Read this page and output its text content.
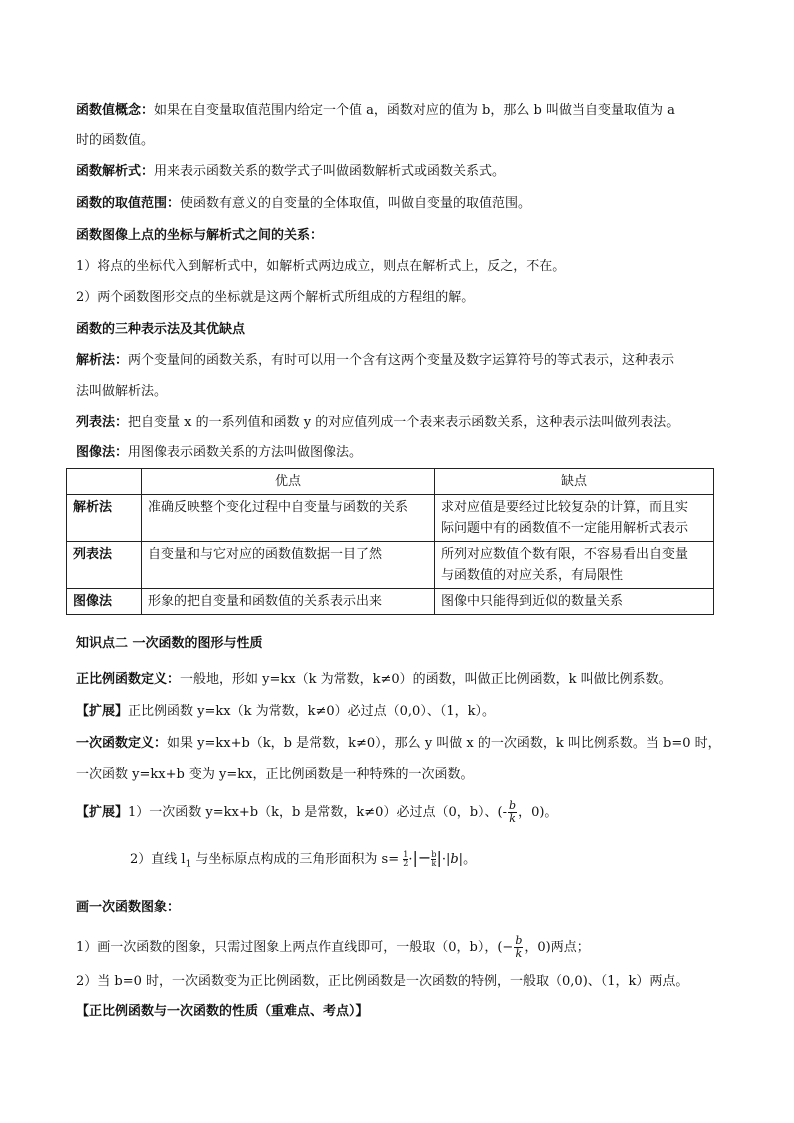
函数值概念：如果在自变量取值范围内给定一个值 a，函数对应的值为 b，那么 b 叫做当自变量取值为 a
时的函数值。
函数解析式：用来表示函数关系的数学式子叫做函数解析式或函数关系式。
函数的取值范围：使函数有意义的自变量的全体取值，叫做自变量的取值范围。
函数图像上点的坐标与解析式之间的关系：
1）将点的坐标代入到解析式中，如解析式两边成立，则点在解析式上，反之，不在。
2）两个函数图形交点的坐标就是这两个解析式所组成的方程组的解。
函数的三种表示法及其优缺点
解析法：两个变量间的函数关系，有时可以用一个含有这两个变量及数字运算符号的等式表示，这种表示
法叫做解析法。
列表法：把自变量 x 的一系列值和函数 y 的对应值列成一个表来表示函数关系，这种表示法叫做列表法。
图像法：用图像表示函数关系的方法叫做图像法。
	优点	缺点
解析法	准确反映整个变化过程中自变量与函数的关系	求对应值是要经过比较复杂的计算，而且实
际问题中有的函数值不一定能用解析式表示

列表法	自变量和与它对应的函数值数据一目了然	所列对应数值个数有限，不容易看出自变量
与函数值的对应关系，有局限性

图像法	形象的把自变量和函数值的关系表示出来	图像中只能得到近似的数量关系
知识点二 一次函数的图形与性质
正比例函数定义：一般地，形如 y=kx（k 为常数，k≠0）的函数，叫做正比例函数，k 叫做比例系数。
【扩展】正比例函数 y=kx（k 为常数，k≠0）必过点（0,0）、（1，k）。
一次函数定义：如果 y=kx+b（k，b 是常数，k≠0），那么 y 叫做 x 的一次函数，k 叫比例系数。当 b=0 时，
一次函数 y=kx+b 变为 y=kx，正比例函数是一种特殊的一次函数。
【扩展】1）一次函数 y=kx+b（k，b 是常数，k≠0）必过点（0，b）、(- $\frac{b}{k}$ ，0)。
2）直线 $l_1$ 与坐标原点构成的三角形面积为 $s= \frac{1}{2}$ ·|− $\frac{b}{k} |\cdot|b|$。
画一次函数图象：
1）画一次函数的图象，只需过图象上两点作直线即可，一般取（0，b），(− $\frac{b}{k}$ ，0)两点；
2）当 b=0 时，一次函数变为正比例函数，正比例函数是一次函数的特例，一般取（0,0)、（1，k）两点。
【正比例函数与一次函数的性质（重难点、考点）】
